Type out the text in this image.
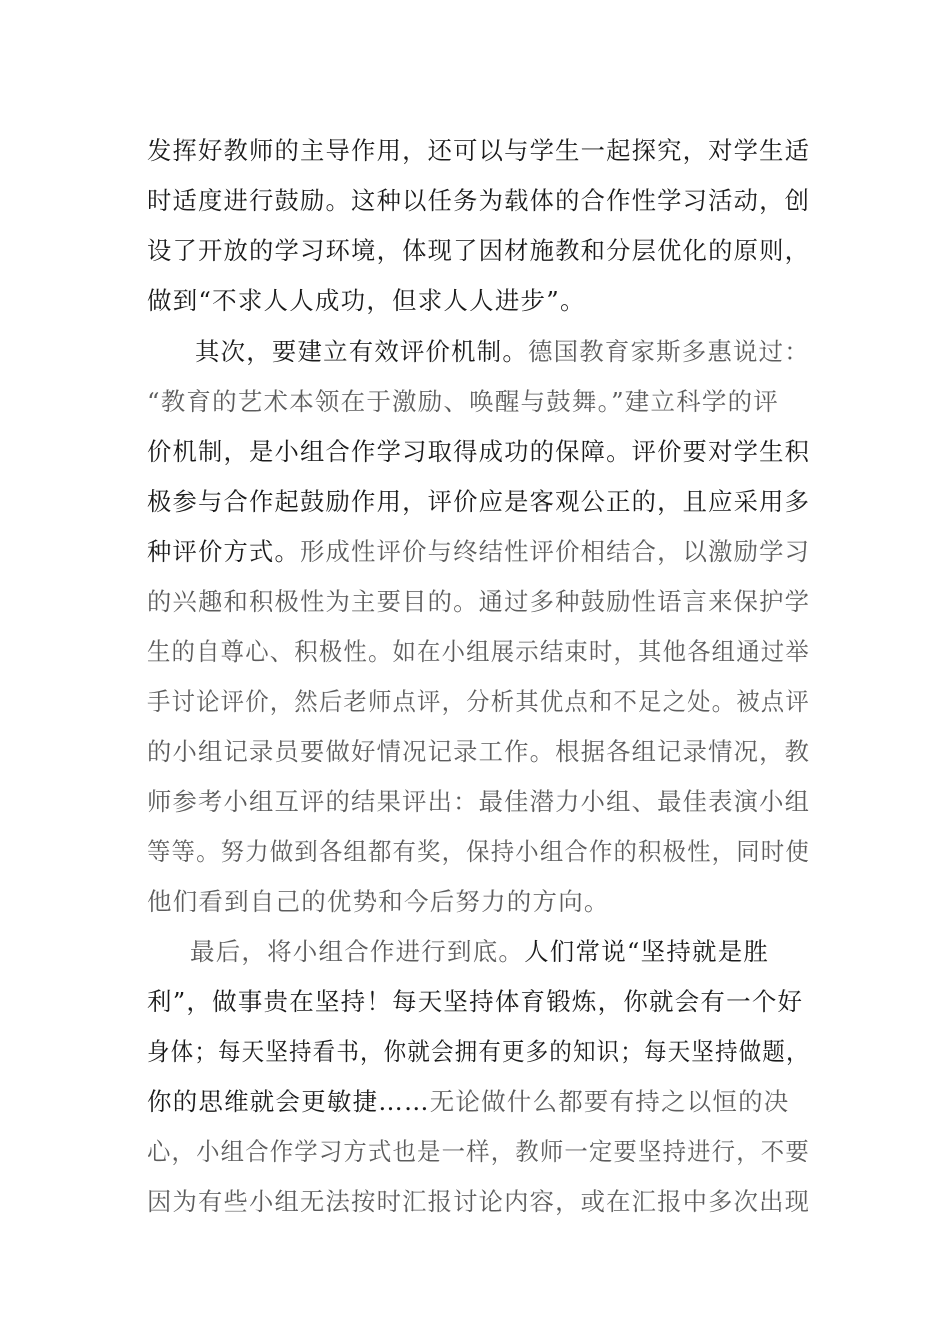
发挥好教师的主导作用，还可以与学生一起探究，对学生适
时适度进行鼓励。这种以任务为载体的合作性学习活动，创
设了开放的学习环境，体现了因材施教和分层优化的原则，
做到“不求人人成功，但求人人进步”。
其次，要建立有效评价机制。德国教育家斯多惠说过：
“教育的艺术本领在于激励、唤醒与鼓舞。”建立科学的评
价机制，是小组合作学习取得成功的保障。评价要对学生积
极参与合作起鼓励作用，评价应是客观公正的，且应采用多
种评价方式。形成性评价与终结性评价相结合，以激励学习
的兴趣和积极性为主要目的。通过多种鼓励性语言来保护学
生的自尊心、积极性。如在小组展示结束时，其他各组通过举
手讨论评价，然后老师点评，分析其优点和不足之处。被点评
的小组记录员要做好情况记录工作。根据各组记录情况，教
师参考小组互评的结果评出：最佳潜力小组、最佳表演小组
等等。努力做到各组都有奖，保持小组合作的积极性，同时使
他们看到自己的优势和今后努力的方向。
最后，将小组合作进行到底。人们常说“坚持就是胜
利”，做事贵在坚持！每天坚持体育锻炼，你就会有一个好
身体；每天坚持看书，你就会拥有更多的知识；每天坚持做题，
你的思维就会更敏捷……无论做什么都要有持之以恒的决
心，小组合作学习方式也是一样，教师一定要坚持进行，不要
因为有些小组无法按时汇报讨论内容，或在汇报中多次出现
